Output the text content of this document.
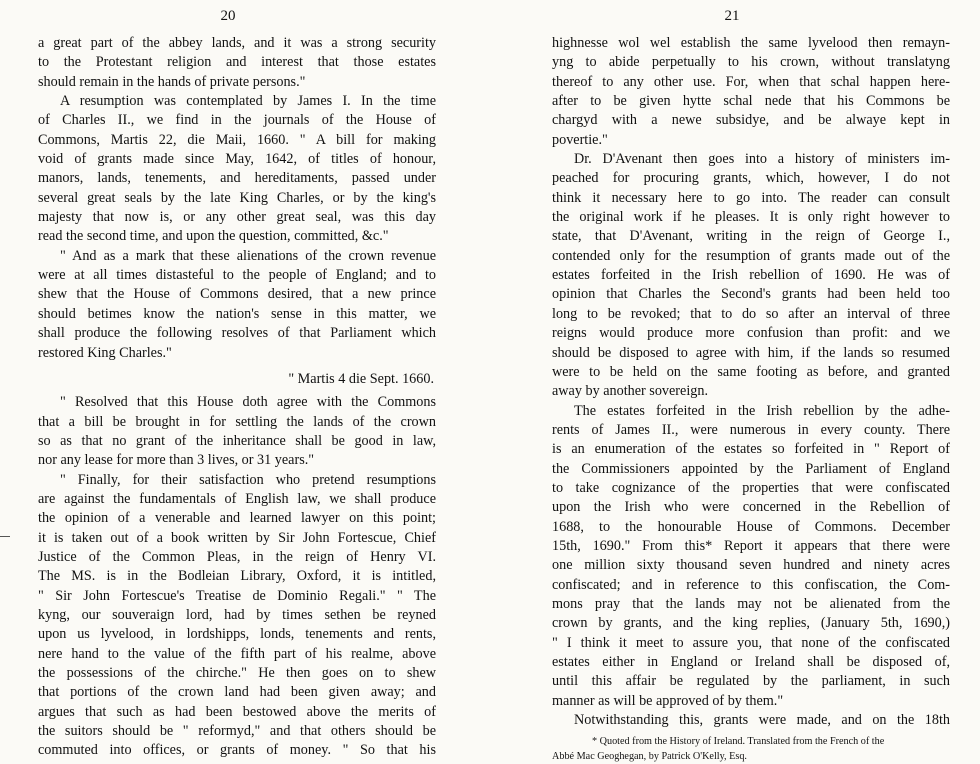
20
a great part of the abbey lands, and it was a strong security
to the Protestant religion and interest that those estates
should remain in the hands of private persons."
A resumption was contemplated by James I. In the time
of Charles II., we find in the journals of the House of
Commons, Martis 22, die Maii, 1660. " A bill for making
void of grants made since May, 1642, of titles of honour,
manors, lands, tenements, and hereditaments, passed under
several great seals by the late King Charles, or by the king's
majesty that now is, or any other great seal, was this day
read the second time, and upon the question, committed, &c."
" And as a mark that these alienations of the crown revenue
were at all times distasteful to the people of England; and to
shew that the House of Commons desired, that a new prince
should betimes know the nation's sense in this matter, we
shall produce the following resolves of that Parliament which
restored King Charles."
" Martis 4 die Sept. 1660.
" Resolved that this House doth agree with the Commons
that a bill be brought in for settling the lands of the crown
so as that no grant of the inheritance shall be good in law,
nor any lease for more than 3 lives, or 31 years."
" Finally, for their satisfaction who pretend resumptions
are against the fundamentals of English law, we shall produce
the opinion of a venerable and learned lawyer on this point;
it is taken out of a book written by Sir John Fortescue, Chief
Justice of the Common Pleas, in the reign of Henry VI.
The MS. is in the Bodleian Library, Oxford, it is intitled,
" Sir John Fortescue's Treatise de Dominio Regali." " The
kyng, our souveraign lord, had by times sethen be reyned
upon us lyvelood, in lordshipps, londs, tenements and rents,
nere hand to the value of the fifth part of his realme, above
the possessions of the chirche." He then goes on to shew
that portions of the crown land had been given away; and
argues that such as had been bestowed above the merits of
the suitors should be " reformyd," and that others should be
commuted into offices, or grants of money. " So that his
21
highnesse wol wel establish the same lyvelood then remayn-
yng to abide perpetually to his crown, without translatyng
thereof to any other use. For, when that schal happen here-
after to be given hytte schal nede that his Commons be
chargyd with a newe subsidye, and be alwaye kept in
povertie."
Dr. D'Avenant then goes into a history of ministers im-
peached for procuring grants, which, however, I do not
think it necessary here to go into. The reader can consult
the original work if he pleases. It is only right however to
state, that D'Avenant, writing in the reign of George I.,
contended only for the resumption of grants made out of the
estates forfeited in the Irish rebellion of 1690. He was of
opinion that Charles the Second's grants had been held too
long to be revoked; that to do so after an interval of three
reigns would produce more confusion than profit: and we
should be disposed to agree with him, if the lands so resumed
were to be held on the same footing as before, and granted
away by another sovereign.
The estates forfeited in the Irish rebellion by the adhe-
rents of James II., were numerous in every county. There
is an enumeration of the estates so forfeited in " Report of
the Commissioners appointed by the Parliament of England
to take cognizance of the properties that were confiscated
upon the Irish who were concerned in the Rebellion of
1688, to the honourable House of Commons. December
15th, 1690." From this* Report it appears that there were
one million sixty thousand seven hundred and ninety acres
confiscated; and in reference to this confiscation, the Com-
mons pray that the lands may not be alienated from the
crown by grants, and the king replies, (January 5th, 1690,)
" I think it meet to assure you, that none of the confiscated
estates either in England or Ireland shall be disposed of,
until this affair be regulated by the parliament, in such
manner as will be approved of by them."
Notwithstanding this, grants were made, and on the 18th
* Quoted from the History of Ireland. Translated from the French of the
Abbé Mac Geoghegan, by Patrick O'Kelly, Esq.
